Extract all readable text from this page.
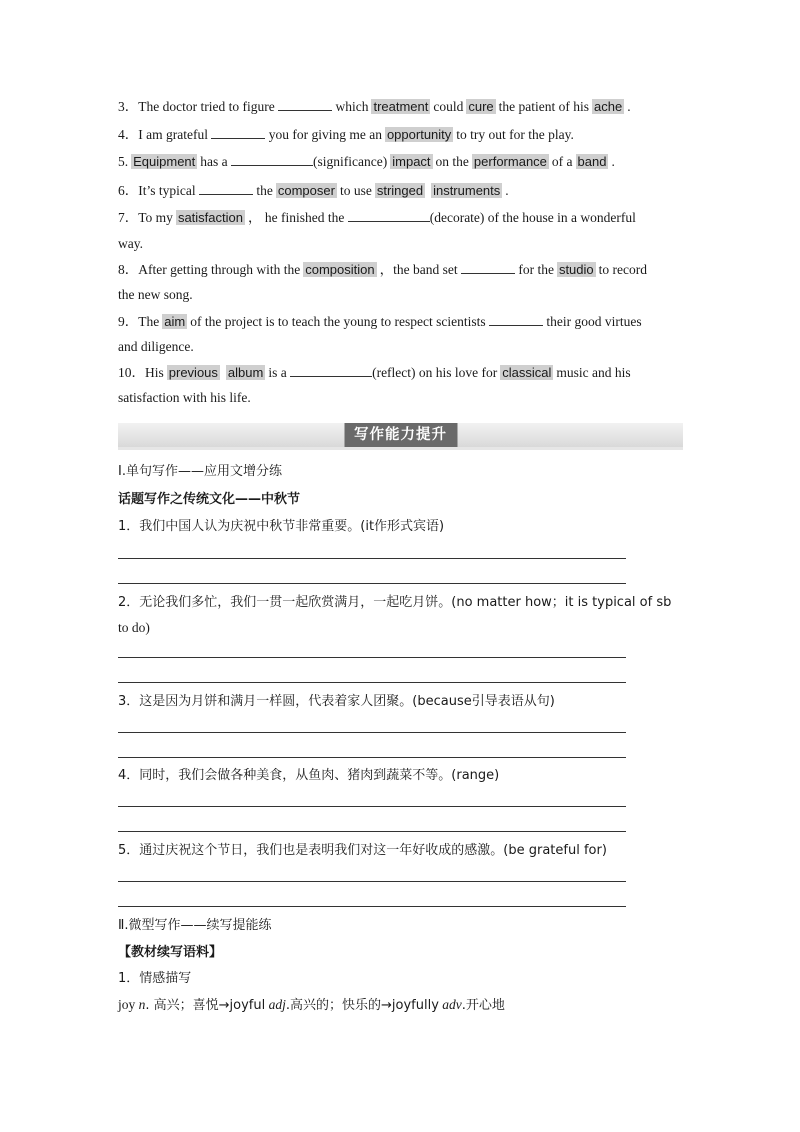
3．The doctor tried to figure	which treatment could cure the patient of his ache .
4．I am grateful	you for giving me an opportunity to try out for the play.
5. Equipment has a	(significance) impact on the performance of a band .
6．It’s typical	the composer to use stringed instruments .
7．To my satisfaction ， he finished the	(decorate) of the house in a wonderful
way.
8．After getting through with the composition ，the band set	for the studio to record
the new song.
9．The aim of the project is to teach the young to respect scientists	their good virtues
and diligence.
10．His previous album is a	(reflect) on his love for classical music and his
satisfaction with his life.
写作能力提升
Ⅰ.单句写作——应用文增分练
话题写作之传统文化——中秋节
1．我们中国人认为庆祝中秋节非常重要。(it作形式宾语)
2．无论我们多忙，我们一贯一起欣赏满月，一起吃月饼。(no matter how；it is typical of sb
to do)
3．这是因为月饼和满月一样圆，代表着家人团聚。(because引导表语从句)
4．同时，我们会做各种美食，从鱼肉、猪肉到蔬菜不等。(range)
5．通过庆祝这个节日，我们也是表明我们对这一年好收成的感激。(be grateful for)
Ⅱ.微型写作——续写提能练
【教材续写语料】
1．情感描写
joy n. 高兴；喜悦→joyful adj.高兴的；快乐的→joyfully adv.开心地
